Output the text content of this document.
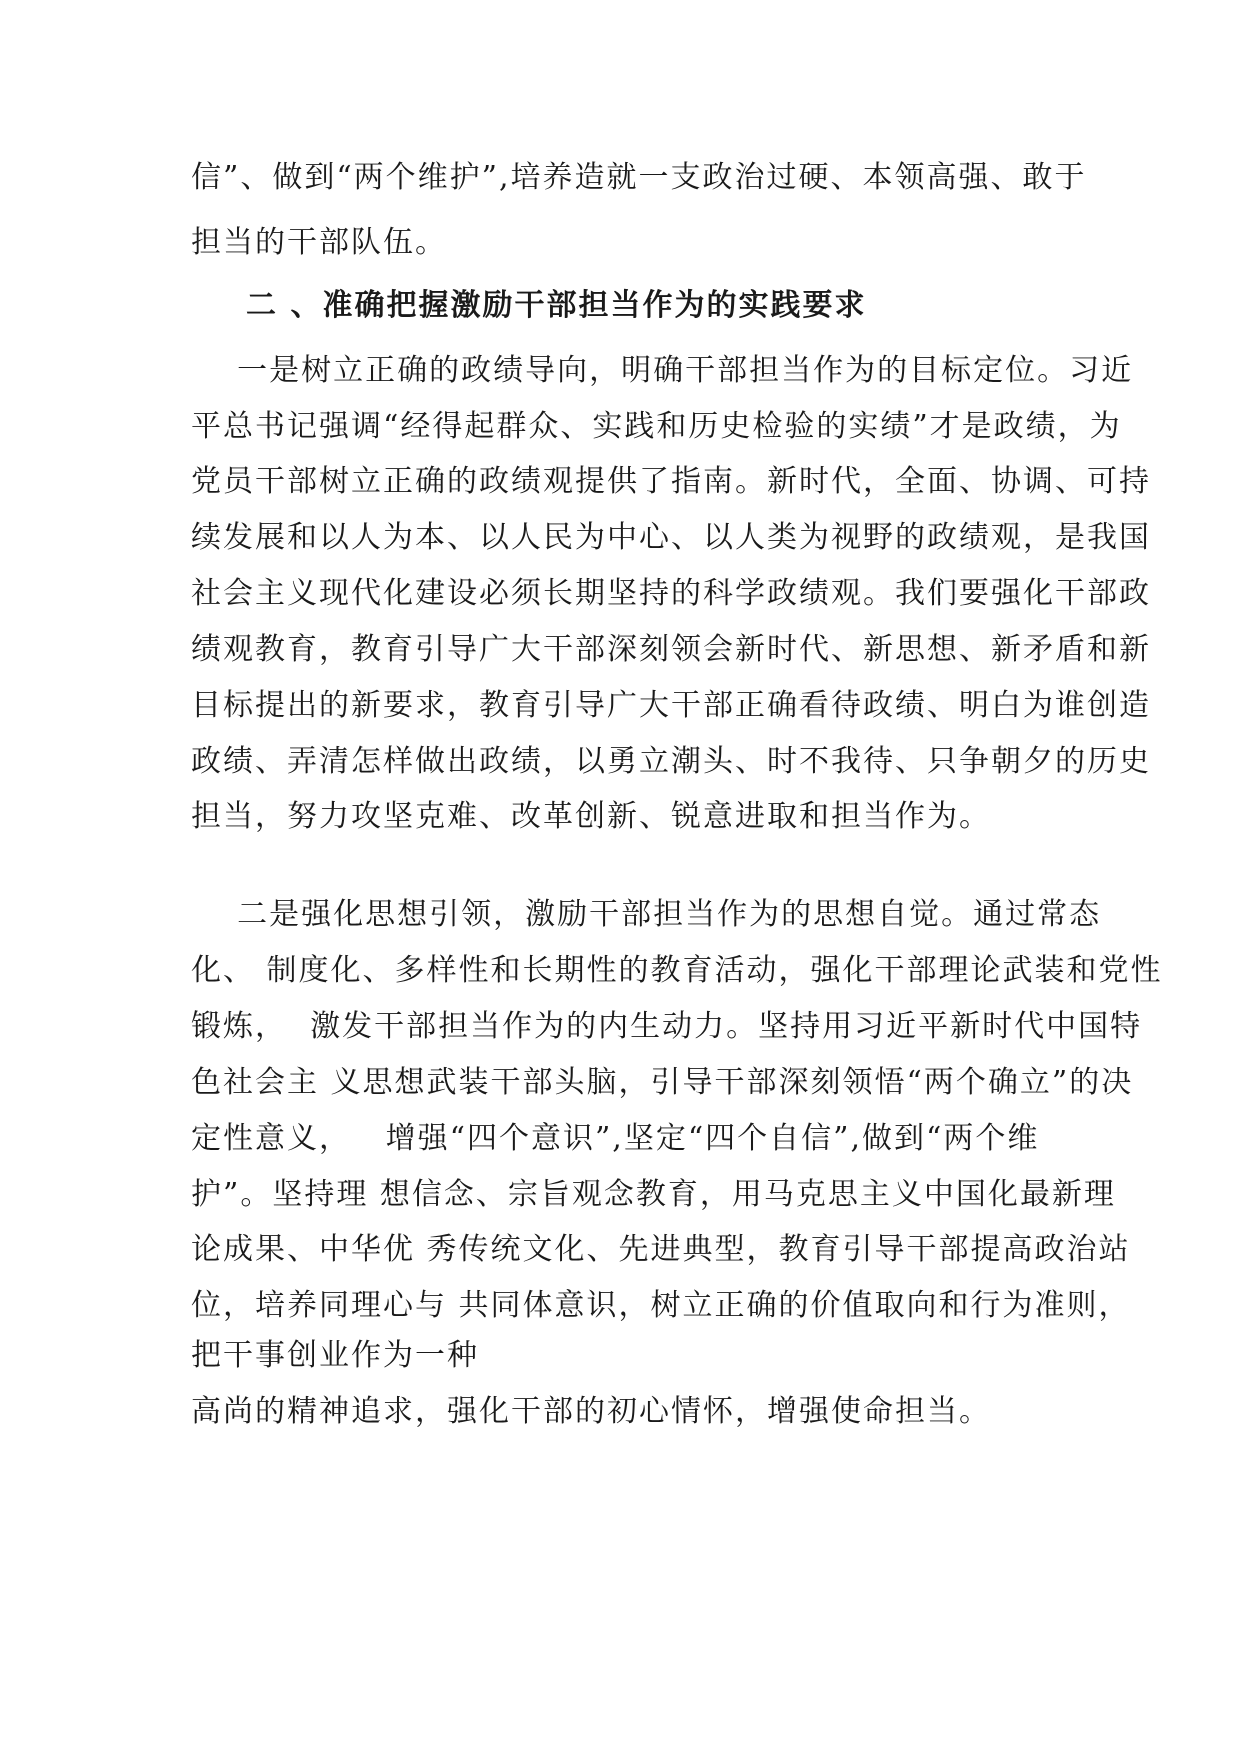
信”、做到“两个维护”,培养造就一支政治过硬、本领高强、敢于
担当的干部队伍。
二 、准确把握激励干部担当作为的实践要求
一是树立正确的政绩导向，明确干部担当作为的目标定位。习近
平总书记强调“经得起群众、实践和历史检验的实绩”才是政绩，为
党员干部树立正确的政绩观提供了指南。新时代，全面、协调、可持
续发展和以人为本、以人民为中心、以人类为视野的政绩观，是我国
社会主义现代化建设必须长期坚持的科学政绩观。我们要强化干部政
绩观教育，教育引导广大干部深刻领会新时代、新思想、新矛盾和新
目标提出的新要求，教育引导广大干部正确看待政绩、明白为谁创造
政绩、弄清怎样做出政绩，以勇立潮头、时不我待、只争朝夕的历史
担当，努力攻坚克难、改革创新、锐意进取和担当作为。
二是强化思想引领，激励干部担当作为的思想自觉。通过常态
化、 制度化、多样性和长期性的教育活动，强化干部理论武装和党性
锻炼，  激发干部担当作为的内生动力。坚持用习近平新时代中国特
色社会主 义思想武装干部头脑，引导干部深刻领悟“两个确立”的决
定性意义，   增强“四个意识”,坚定“四个自信”,做到“两个维
护”。坚持理 想信念、宗旨观念教育，用马克思主义中国化最新理
论成果、中华优 秀传统文化、先进典型，教育引导干部提高政治站
位，培养同理心与 共同体意识，树立正确的价值取向和行为准则，
把干事创业作为一种
高尚的精神追求，强化干部的初心情怀，增强使命担当。
